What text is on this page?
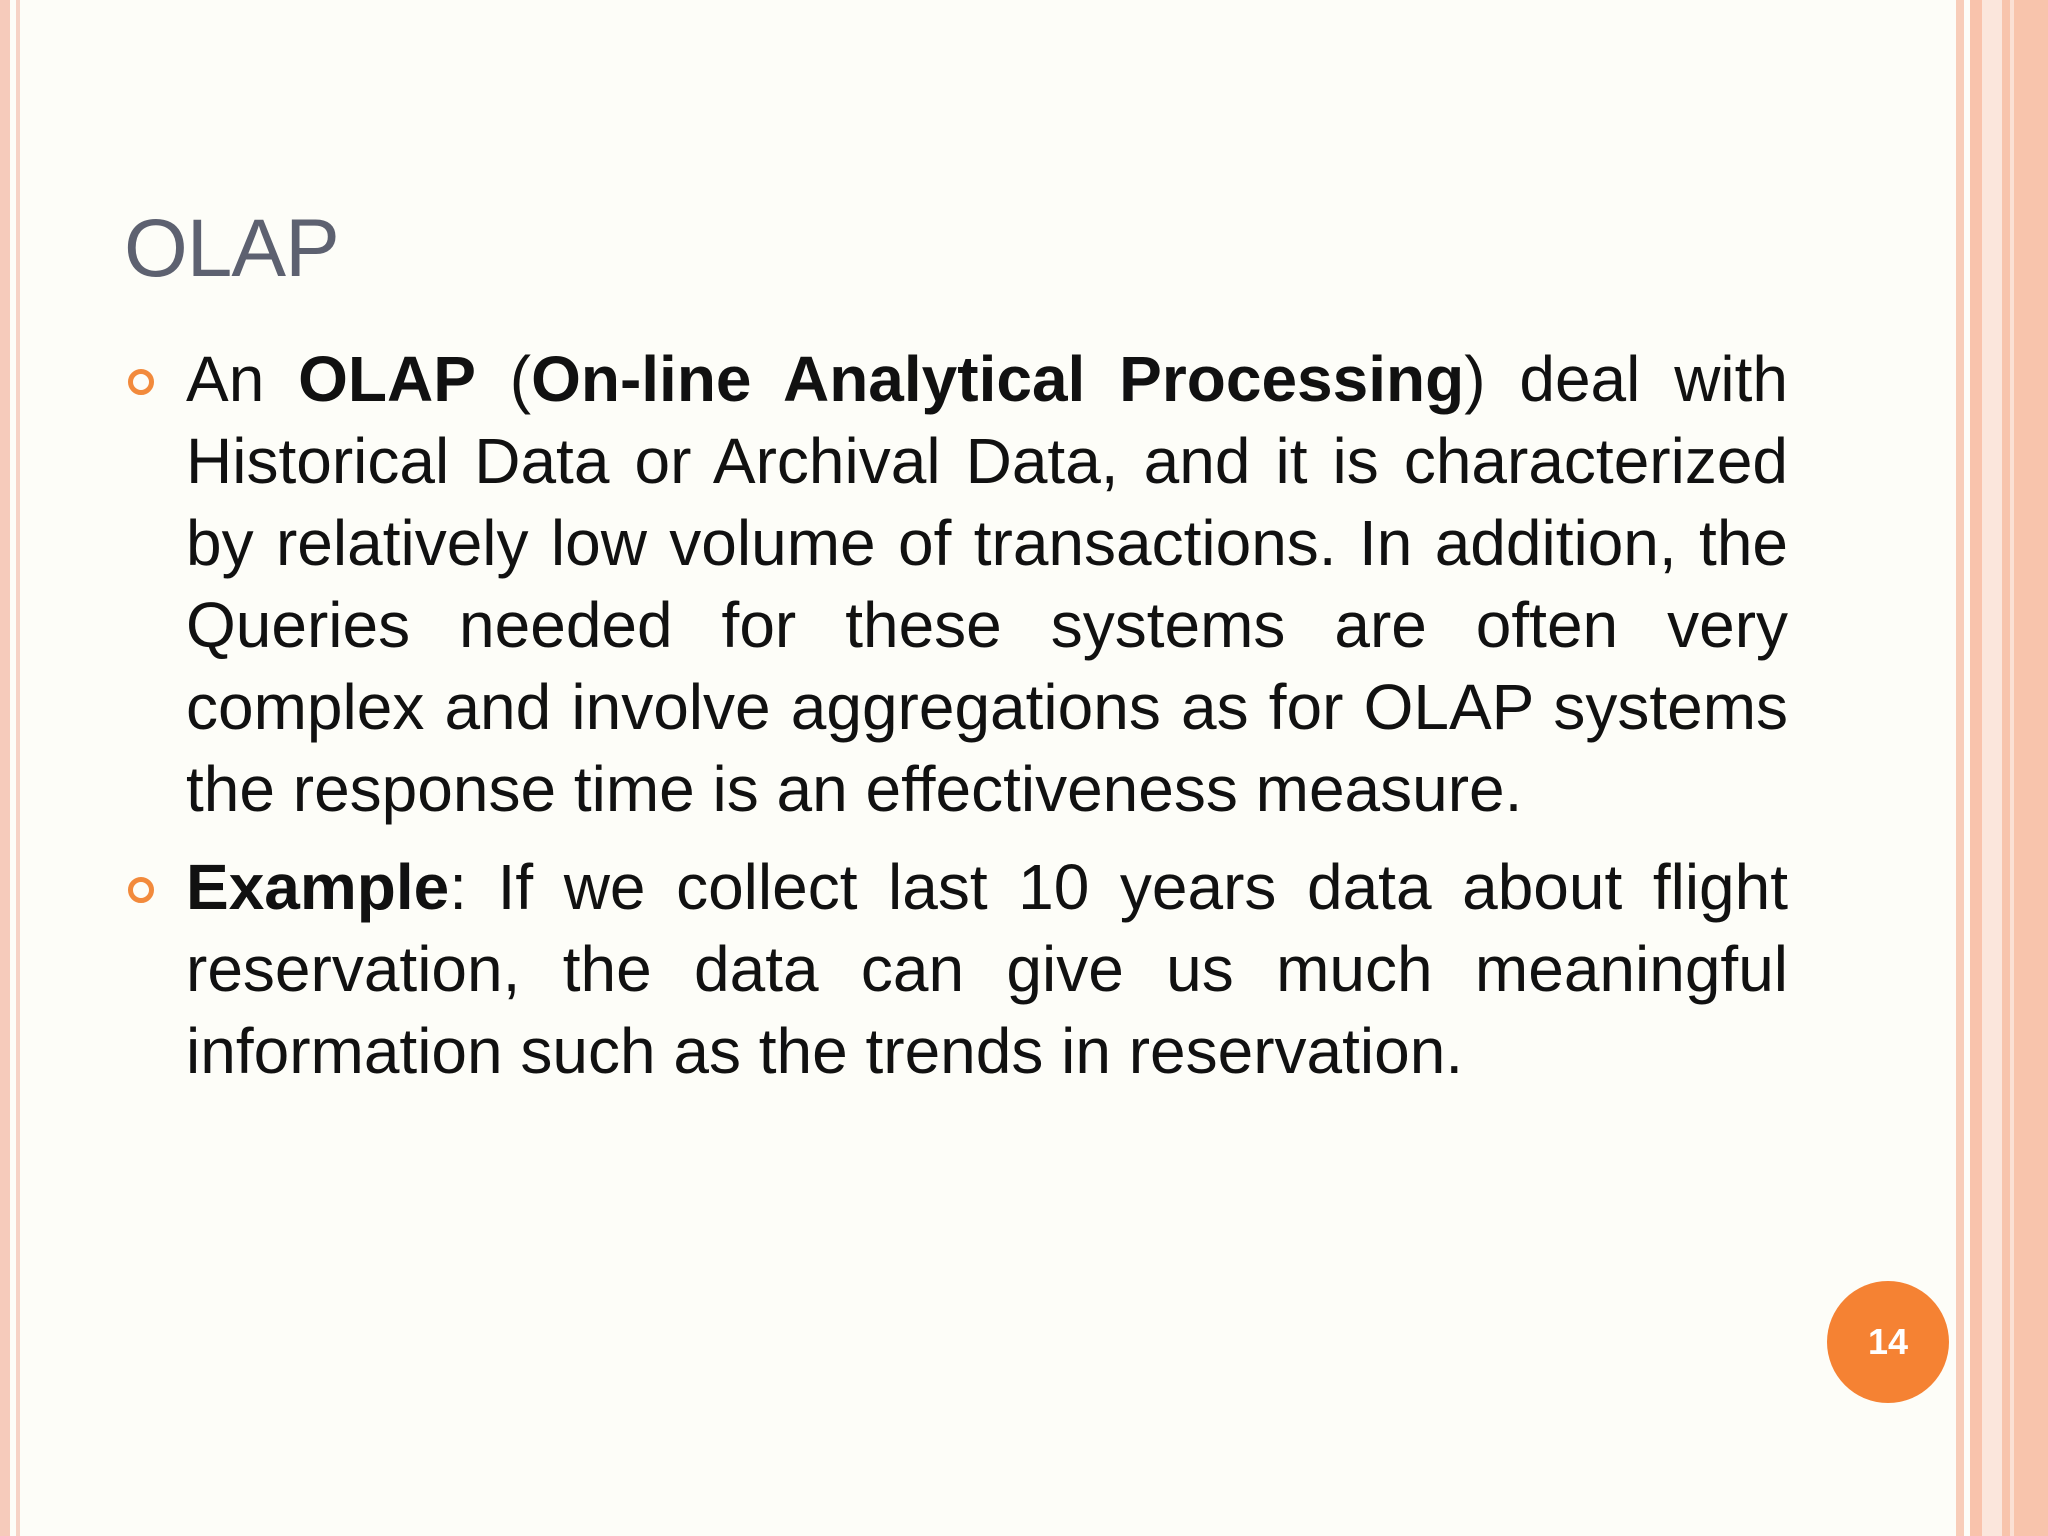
OLAP
An OLAP (On-line Analytical Processing) deal with Historical Data or Archival Data, and it is characterized by relatively low volume of transactions. In addition, the Queries needed for these systems are often very complex and involve aggregations as for OLAP systems the response time is an effectiveness measure.
Example: If we collect last 10 years data about flight reservation, the data can give us much meaningful information such as the trends in reservation.
14
